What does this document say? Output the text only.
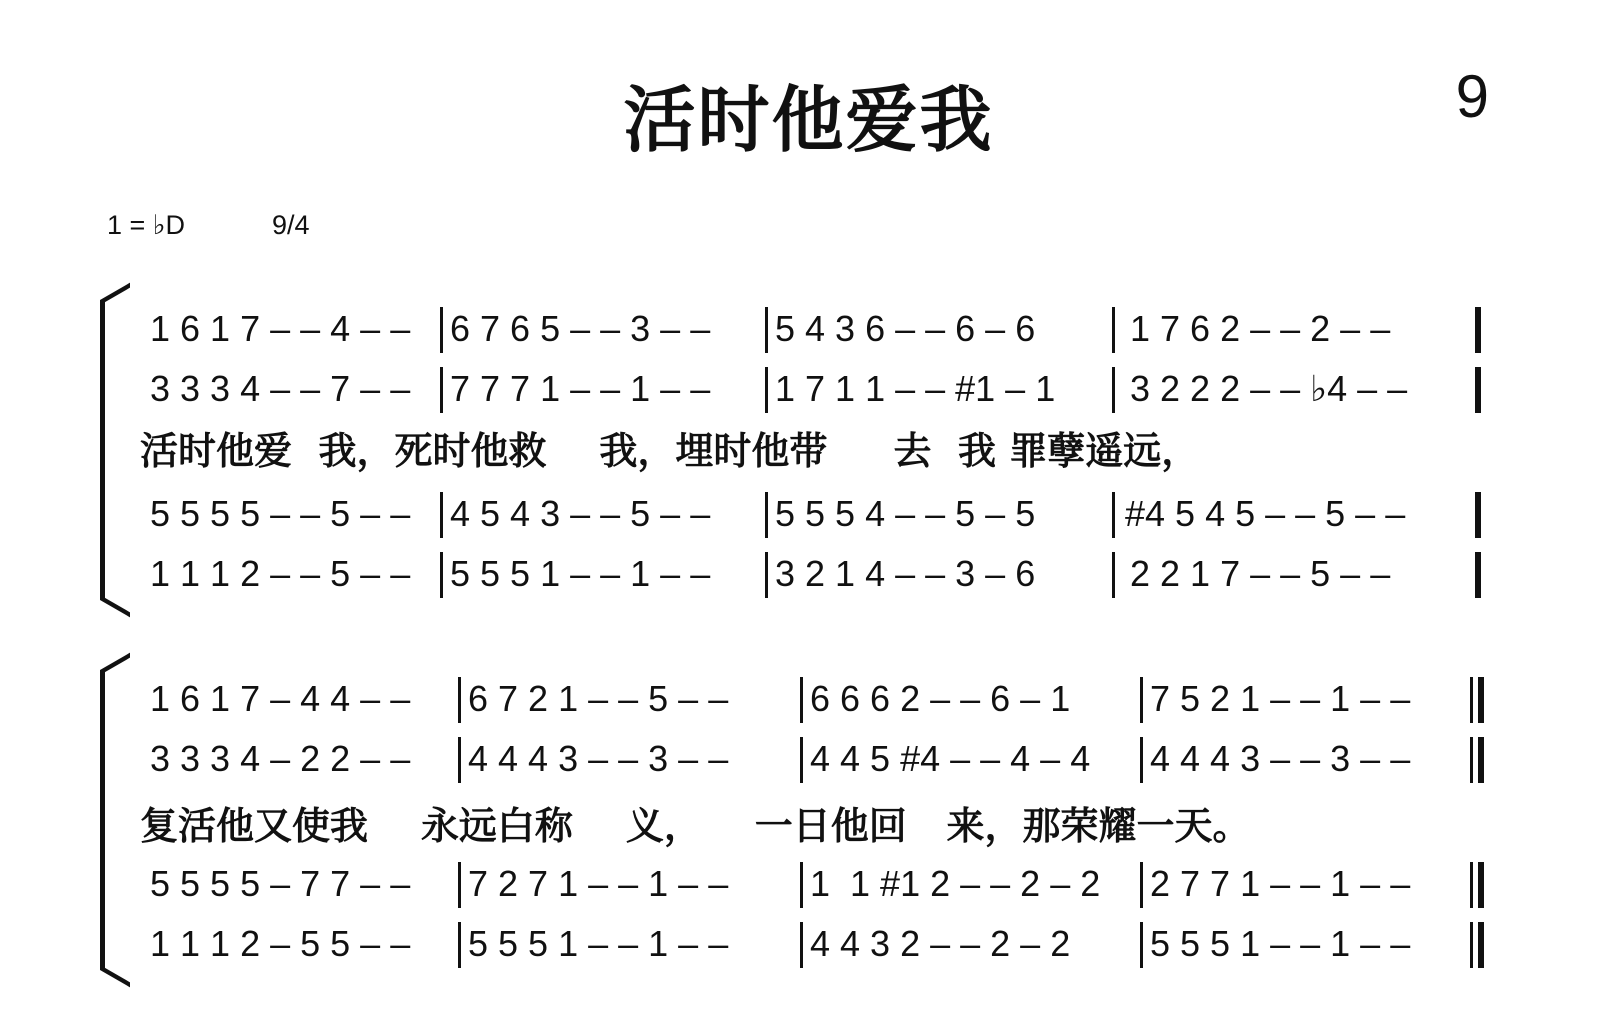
活时他爱我	9
1 = ♭D	9/4
1 6 1 7 – – 4 – –	6 7 6 5 – – 3 – –	5 4 3 6 – – 6 – 6	1 7 6 2 – – 2 – –
3 3 3 4 – – 7 – –	7 7 7 1 – – 1 – –	1 7 1 1 – – #1 – 1	3 2 2 2 – – ♭4 – –
活时他爱  我，死时他救    我，埋时他带     去  我 罪孽遥远，
5 5 5 5 – – 5 – –	4 5 4 3 – – 5 – –	5 5 5 4 – – 5 – 5	#4 5 4 5 – – 5 – –
1 1 1 2 – – 5 – –	5 5 5 1 – – 1 – –	3 2 1 4 – – 3 – 6	2 2 1 7 – – 5 – –
1 6 1 7 – 4 4 – –	6 7 2 1 – – 5 – –	6 6 6 2 – – 6 – 1	7 5 2 1 – – 1 – –
3 3 3 4 – 2 2 – –	4 4 4 3 – – 3 – –	4 4 5 #4 – – 4 – 4	4 4 4 3 – – 3 – –
复活他又使我    永远白称    义，    一日他回   来，那荣耀一天。
5 5 5 5 – 7 7 – –	7 2 7 1 – – 1 – –	1  1 #1 2 – – 2 – 2	2 7 7 1 – – 1 – –
1 1 1 2 – 5 5 – –	5 5 5 1 – – 1 – –	4 4 3 2 – – 2 – 2	5 5 5 1 – – 1 – –
